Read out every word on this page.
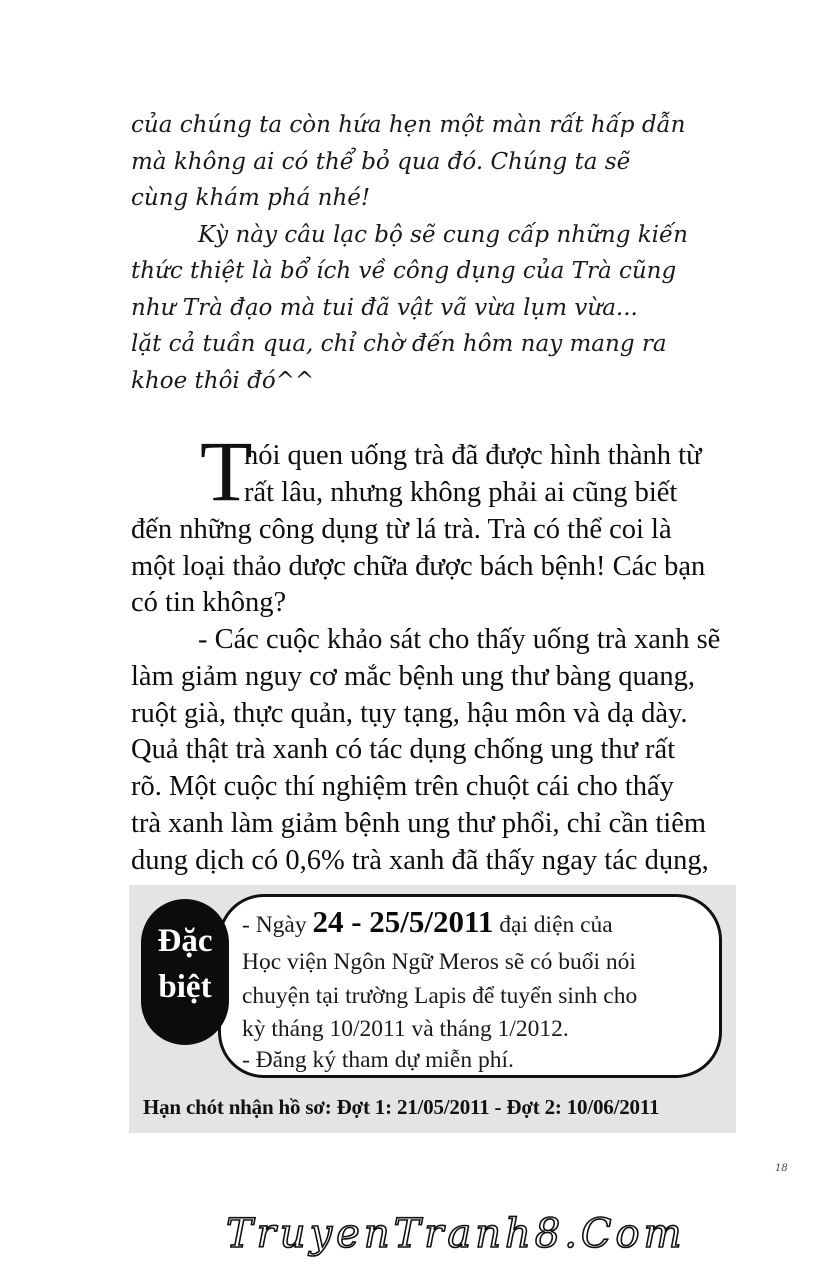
của chúng ta còn hứa hẹn một màn rất hấp dẫn
mà không ai có thể bỏ qua đó. Chúng ta sẽ
cùng khám phá nhé!
Kỳ này câu lạc bộ sẽ cung cấp những kiến
thức thiệt là bổ ích về công dụng của Trà cũng
như Trà đạo mà tui đã vật vã vừa lụm vừa...
lặt cả tuần qua, chỉ chờ đến hôm nay mang ra
khoe thôi đó^^
T
hói quen uống trà đã được hình thành từ
rất lâu, nhưng không phải ai cũng biết
đến những công dụng từ lá trà. Trà có thể coi là
một loại thảo dược chữa được bách bệnh! Các bạn
có tin không?
- Các cuộc khảo sát cho thấy uống trà xanh sẽ
làm giảm nguy cơ mắc bệnh ung thư bàng quang,
ruột già, thực quản, tụy tạng, hậu môn và dạ dày.
Quả thật trà xanh có tác dụng chống ung thư rất
rõ. Một cuộc thí nghiệm trên chuột cái cho thấy
trà xanh làm giảm bệnh ung thư phổi, chỉ cần tiêm
dung dịch có 0,6% trà xanh đã thấy ngay tác dụng,
Đặc
biệt
- Ngày 24 - 25/5/2011 đại diện của
Học viện Ngôn Ngữ Meros sẽ có buổi nói
chuyện tại trường Lapis để tuyển sinh cho
kỳ tháng 10/2011 và tháng 1/2012.
- Đăng ký tham dự miễn phí.
Hạn chót nhận hồ sơ: Đợt 1: 21/05/2011 - Đợt 2: 10/06/2011
18
TruyenTranh8.Com
